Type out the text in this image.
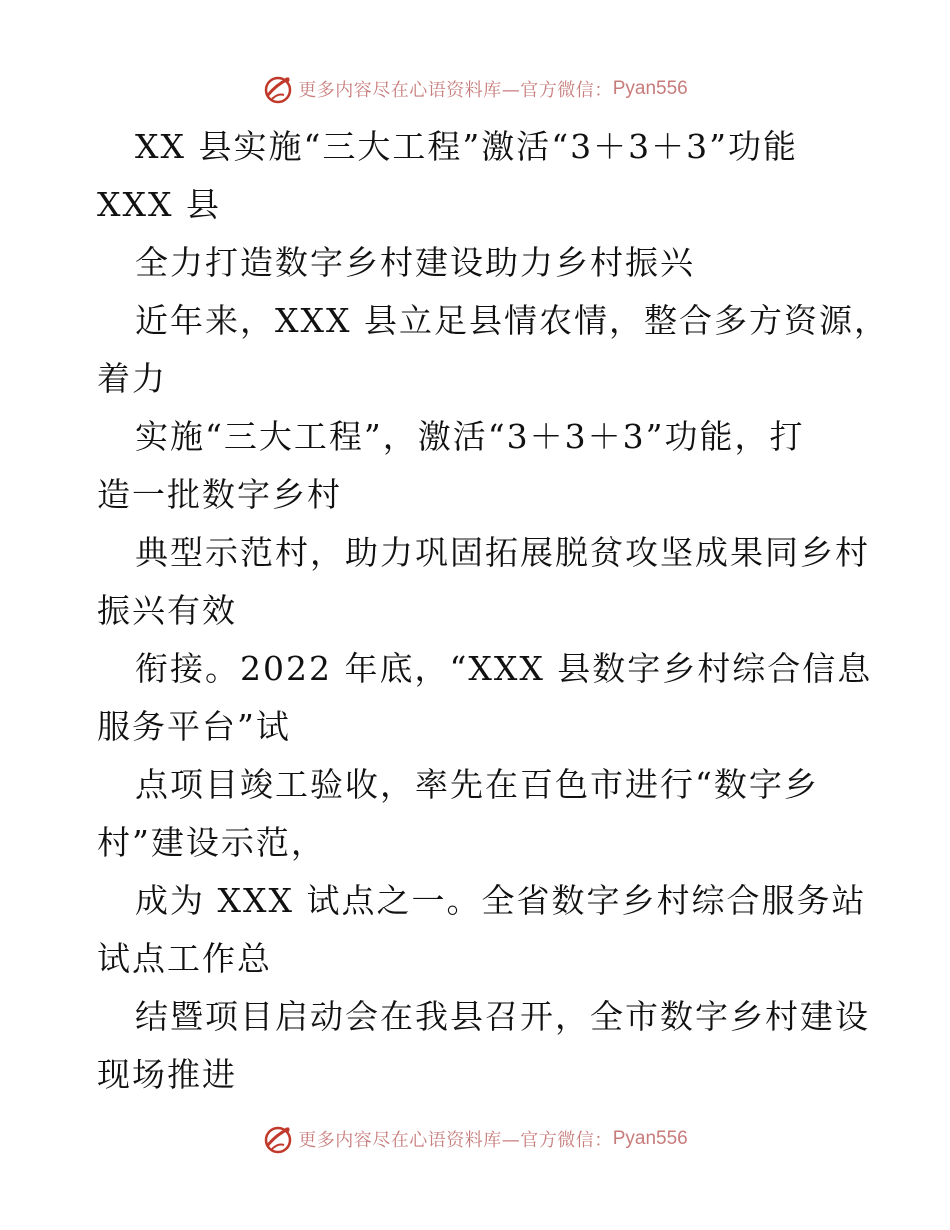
更多内容尽在心语资料库—官方微信： Pyan556
XX 县实施“三大工程”激活“3＋3＋3”功能
XXX 县
全力打造数字乡村建设助力乡村振兴
近年来，XXX 县立足县情农情，整合多方资源，
着力
实施“三大工程”，激活“3＋3＋3”功能，打
造一批数字乡村
典型示范村，助力巩固拓展脱贫攻坚成果同乡村
振兴有效
衔接。2022 年底，“XXX 县数字乡村综合信息
服务平台”试
点项目竣工验收，率先在百色市进行“数字乡
村”建设示范，
成为 XXX 试点之一。全省数字乡村综合服务站
试点工作总
结暨项目启动会在我县召开，全市数字乡村建设
现场推进
更多内容尽在心语资料库—官方微信： Pyan556
